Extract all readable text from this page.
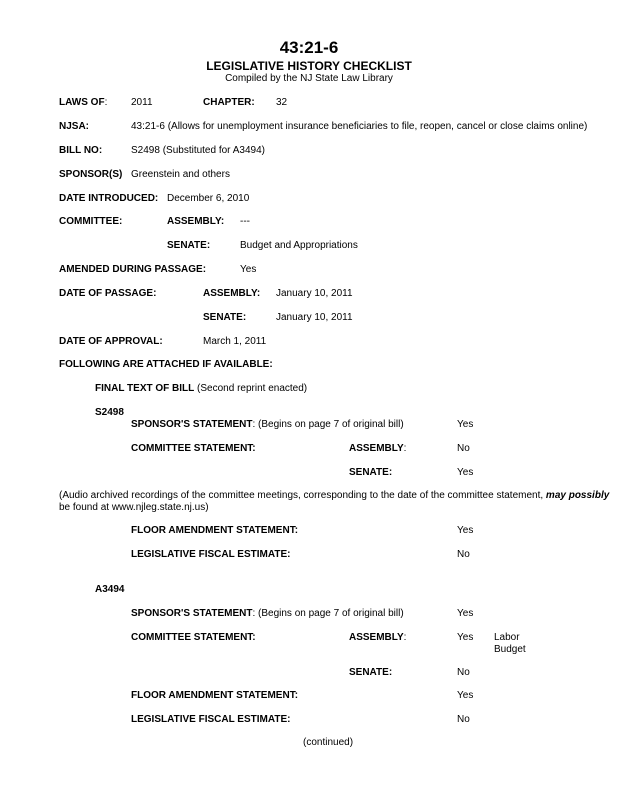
43:21-6
LEGISLATIVE HISTORY CHECKLIST
Compiled by the NJ State Law Library
LAWS OF: 2011	CHAPTER: 32
NJSA:	43:21-6 (Allows for unemployment insurance beneficiaries to file, reopen, cancel or close claims online)
BILL NO:	S2498 (Substituted for A3494)
SPONSOR(S) Greenstein and others
DATE INTRODUCED: December 6, 2010
COMMITTEE:	ASSEMBLY: ---
SENATE:	Budget and Appropriations
AMENDED DURING PASSAGE:	Yes
DATE OF PASSAGE:	ASSEMBLY: January 10, 2011
SENATE:	January 10, 2011
DATE OF APPROVAL:	March 1, 2011
FOLLOWING ARE ATTACHED IF AVAILABLE:
FINAL TEXT OF BILL (Second reprint enacted)
S2498
SPONSOR'S STATEMENT: (Begins on page 7 of original bill)	Yes
COMMITTEE STATEMENT:	ASSEMBLY:	No
SENATE:	Yes
(Audio archived recordings of the committee meetings, corresponding to the date of the committee statement, may possibly
be found at www.njleg.state.nj.us)
FLOOR AMENDMENT STATEMENT:	Yes
LEGISLATIVE FISCAL ESTIMATE:	No
A3494
SPONSOR'S STATEMENT: (Begins on page 7 of original bill)	Yes
COMMITTEE STATEMENT:	ASSEMBLY:	Yes Labor
Budget
SENATE:	No
FLOOR AMENDMENT STATEMENT:	Yes
LEGISLATIVE FISCAL ESTIMATE:	No
(continued)
